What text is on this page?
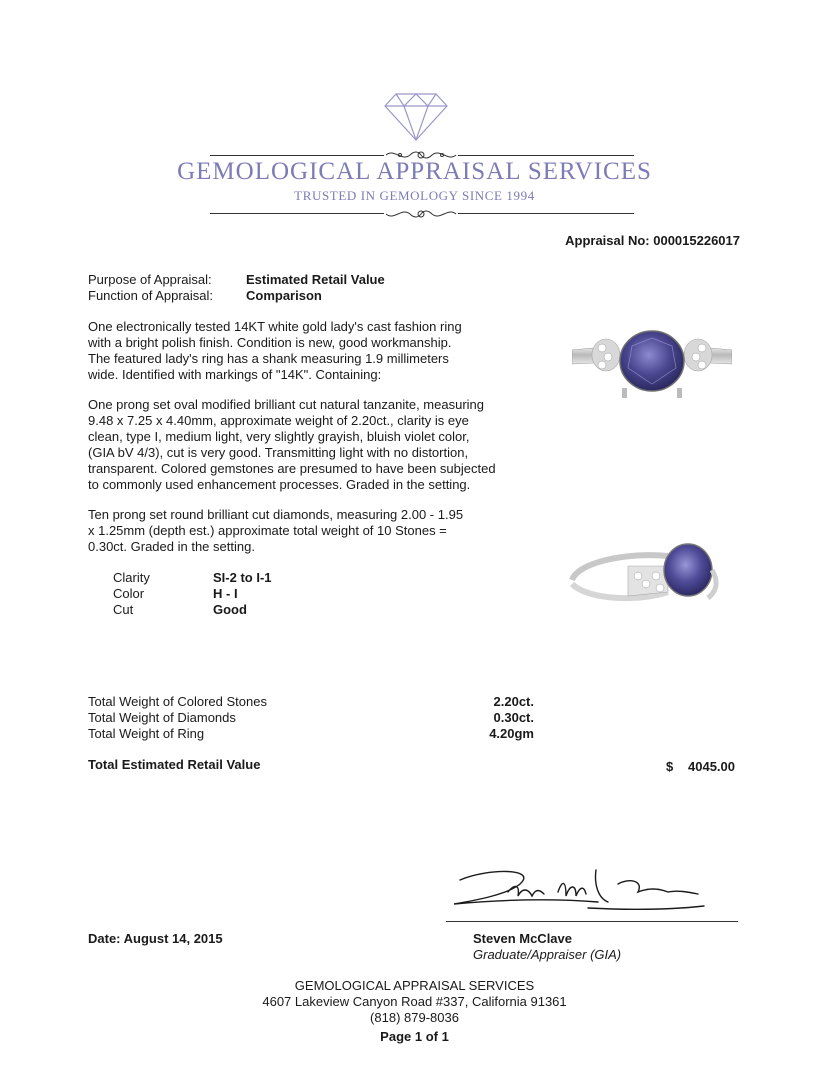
GEMOLOGICAL APPRAISAL SERVICES
TRUSTED IN GEMOLOGY SINCE 1994
Appraisal No: 000015226017
Purpose of Appraisal:	Estimated Retail Value
Function of Appraisal:	Comparison
One electronically tested 14KT white gold lady's cast fashion ring
with a bright polish finish. Condition is new, good workmanship.
The featured lady's ring has a shank measuring 1.9 millimeters
wide. Identified with markings of "14K". Containing:
One prong set oval modified brilliant cut natural tanzanite, measuring
9.48 x 7.25 x 4.40mm, approximate weight of 2.20ct., clarity is eye
clean, type I, medium light, very slightly grayish, bluish violet color,
(GIA bV 4/3), cut is very good. Transmitting light with no distortion,
transparent. Colored gemstones are presumed to have been subjected
to commonly used enhancement processes. Graded in the setting.
Ten prong set round brilliant cut diamonds, measuring 2.00 - 1.95
x 1.25mm (depth est.) approximate total weight of 10 Stones =
0.30ct. Graded in the setting.
Clarity	SI-2 to I-1
Color	H - I
Cut	Good
Total Weight of Colored Stones	2.20ct.
Total Weight of Diamonds	0.30ct.
Total Weight of Ring	4.20gm
Total Estimated Retail Value	$ 4045.00
Date: August 14, 2015	Steven McClave
Graduate/Appraiser (GIA)
GEMOLOGICAL APPRAISAL SERVICES
4607 Lakeview Canyon Road #337, California 91361
(818) 879-8036
Page 1 of 1
